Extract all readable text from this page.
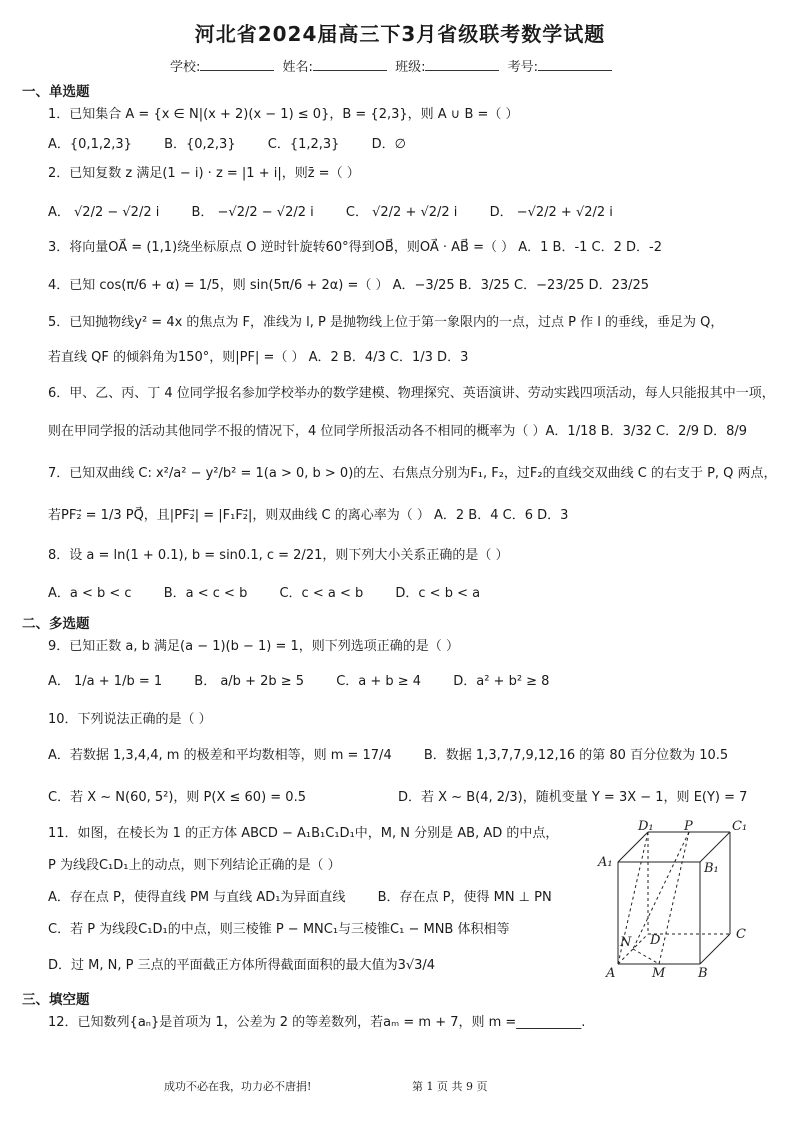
河北省2024届高三下3月省级联考数学试题
学校:	姓名:	班级:	考号:
一、单选题
1．已知集合 A = {x ∈ N|(x + 2)(x − 1) ≤ 0}，B = {2,3}，则 A ∪ B =（ ）
A．{0,1,2,3} B．{0,2,3} C．{1,2,3} D．∅
2．已知复数 z 满足(1 − i) · z = |1 + i|，则z̄ =（ ）
A． √2/2 − √2/2 i B． −√2/2 − √2/2 i C． √2/2 + √2/2 i D． −√2/2 + √2/2 i
3．将向量OA⃗ = (1,1)绕坐标原点 O 逆时针旋转60°得到OB⃗，则OA⃗ · AB⃗ =（ ） A．1 B．-1 C．2 D．-2
4．已知 cos(π/6 + α) = 1/5，则 sin(5π/6 + 2α) =（ ） A．−3/25 B．3/25 C．−23/25 D．23/25
5．已知抛物线y² = 4x 的焦点为 F，准线为 l, P 是抛物线上位于第一象限内的一点，过点 P 作 l 的垂线，垂足为 Q，
若直线 QF 的倾斜角为150°，则|PF| =（ ） A．2 B．4/3 C．1/3 D．3
6．甲、乙、丙、丁 4 位同学报名参加学校举办的数学建模、物理探究、英语演讲、劳动实践四项活动，每人只能报其中一项，
则在甲同学报的活动其他同学不报的情况下，4 位同学所报活动各不相同的概率为（ ）A．1/18 B．3/32 C．2/9 D．8/9
7．已知双曲线 C: x²/a² − y²/b² = 1(a > 0, b > 0)的左、右焦点分别为F₁, F₂，过F₂的直线交双曲线 C 的右支于 P, Q 两点，
若PF₂⃗ = 1/3 PQ⃗，且|PF₂⃗| = |F₁F₂⃗|，则双曲线 C 的离心率为（ ） A．2 B．4 C．6 D．3
8．设 a = ln(1 + 0.1), b = sin0.1, c = 2/21，则下列大小关系正确的是（ ）
A．a < b < c B．a < c < b C．c < a < b D．c < b < a
二、多选题
9．已知正数 a, b 满足(a − 1)(b − 1) = 1，则下列选项正确的是（ ）
A． 1/a + 1/b = 1 B． a/b + 2b ≥ 5 C．a + b ≥ 4 D．a² + b² ≥ 8
10．下列说法正确的是（ ）
A．若数据 1,3,4,4, m 的极差和平均数相等，则 m = 17/4 B．数据 1,3,7,7,9,12,16 的第 80 百分位数为 10.5
C．若 X ~ N(60, 5²)，则 P(X ≤ 60) = 0.5	D．若 X ~ B(4, 2/3)，随机变量 Y = 3X − 1，则 E(Y) = 7
11．如图，在棱长为 1 的正方体 ABCD − A₁B₁C₁D₁中，M, N 分别是 AB, AD 的中点，
P 为线段C₁D₁上的动点，则下列结论正确的是（ ）
A．存在点 P，使得直线 PM 与直线 AD₁为异面直线 B．存在点 P，使得 MN ⊥ PN
C．若 P 为线段C₁D₁的中点，则三棱锥 P − MNC₁与三棱锥C₁ − MNB 体积相等
D．过 M, N, P 三点的平面截正方体所得截面面积的最大值为3√3/4
D₁ P	C₁
A₁	B₁
N D	C
A	M	B
三、填空题
12．已知数列{aₙ}是首项为 1，公差为 2 的等差数列，若aₘ = m + 7，则 m =__________.
成功不必在我，功力必不唐捐!	第 1 页 共 9 页
